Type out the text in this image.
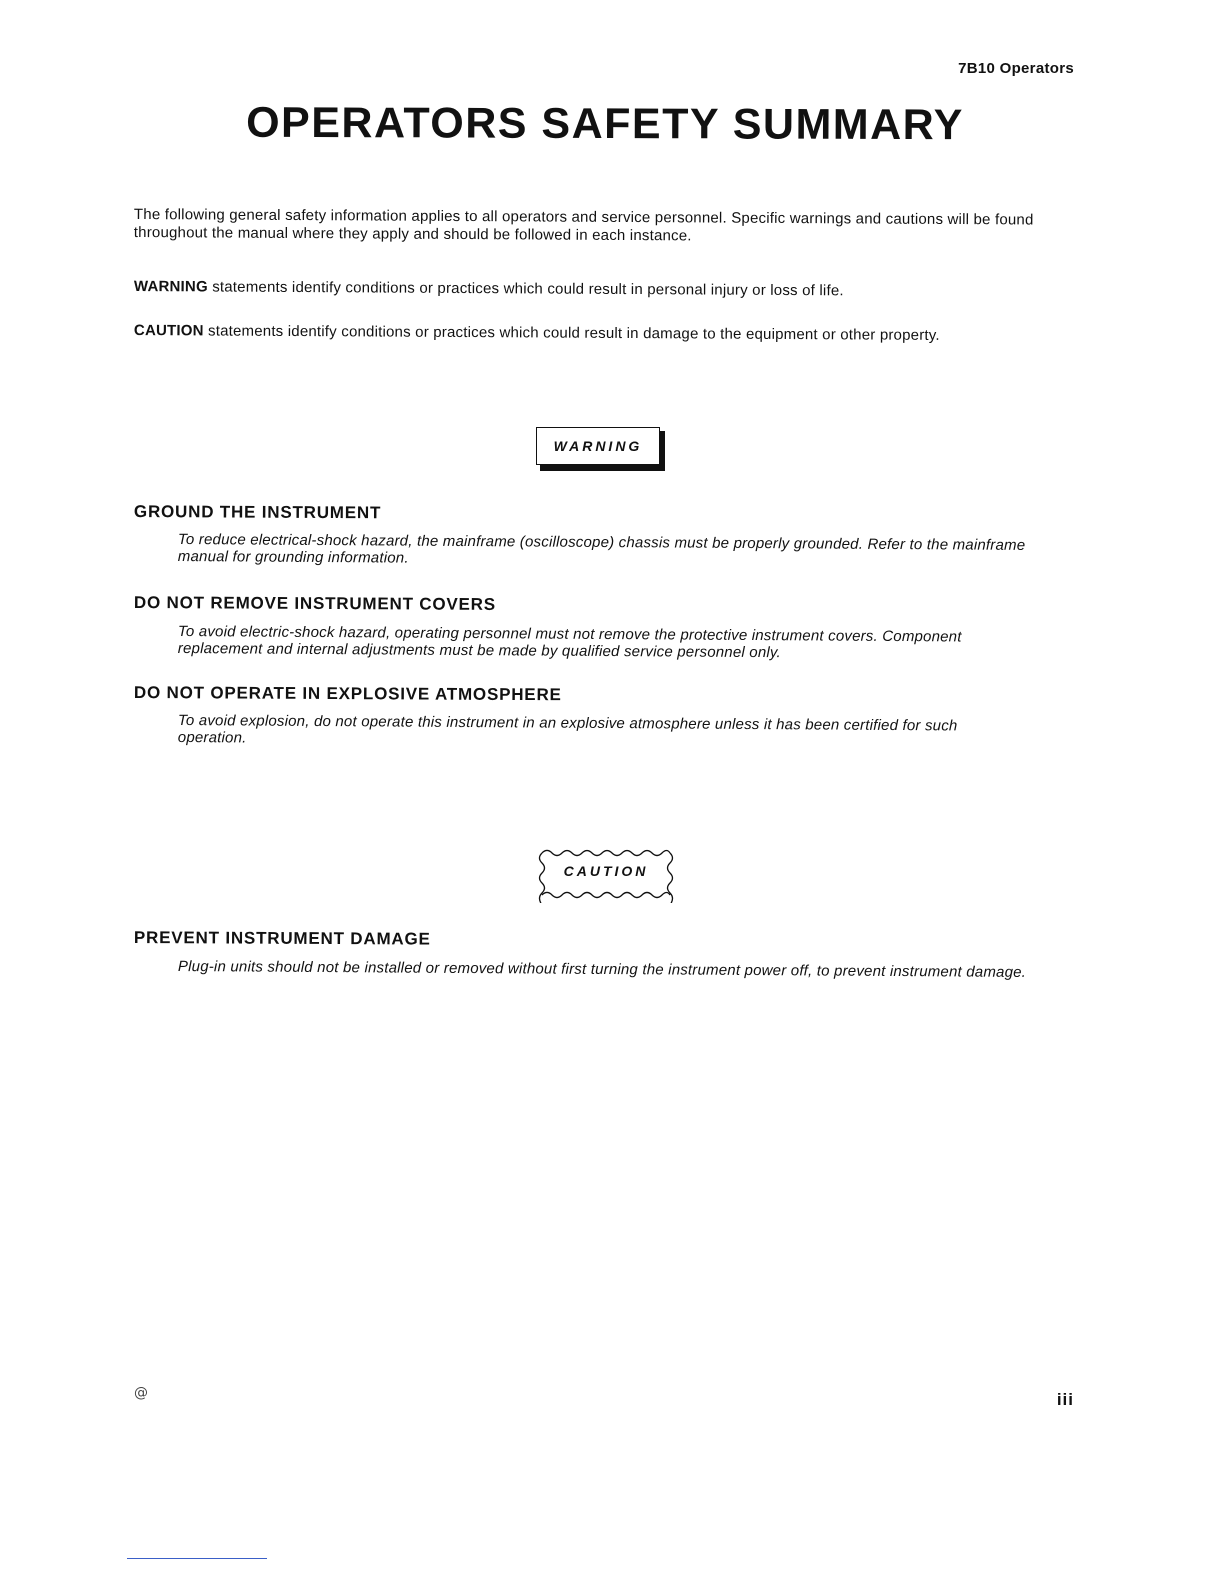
7B10 Operators
OPERATORS SAFETY SUMMARY

The following general safety information applies to all operators and service personnel. Specific warnings and cautions will be found throughout the manual where they apply and should be followed in each instance.

WARNING statements identify conditions or practices which could result in personal injury or loss of life.

CAUTION statements identify conditions or practices which could result in damage to the equipment or other property.

WARNING
GROUND THE INSTRUMENT

To reduce electrical-shock hazard, the mainframe (oscilloscope) chassis must be properly grounded. Refer to the mainframe manual for grounding information.

DO NOT REMOVE INSTRUMENT COVERS

To avoid electric-shock hazard, operating personnel must not remove the protective instrument covers. Component replacement and internal adjustments must be made by qualified service personnel only.

DO NOT OPERATE IN EXPLOSIVE ATMOSPHERE

To avoid explosion, do not operate this instrument in an explosive atmosphere unless it has been certified for such operation.

CAUTION
PREVENT INSTRUMENT DAMAGE

Plug-in units should not be installed or removed without first turning the instrument power off, to prevent instrument damage.

@	iii
